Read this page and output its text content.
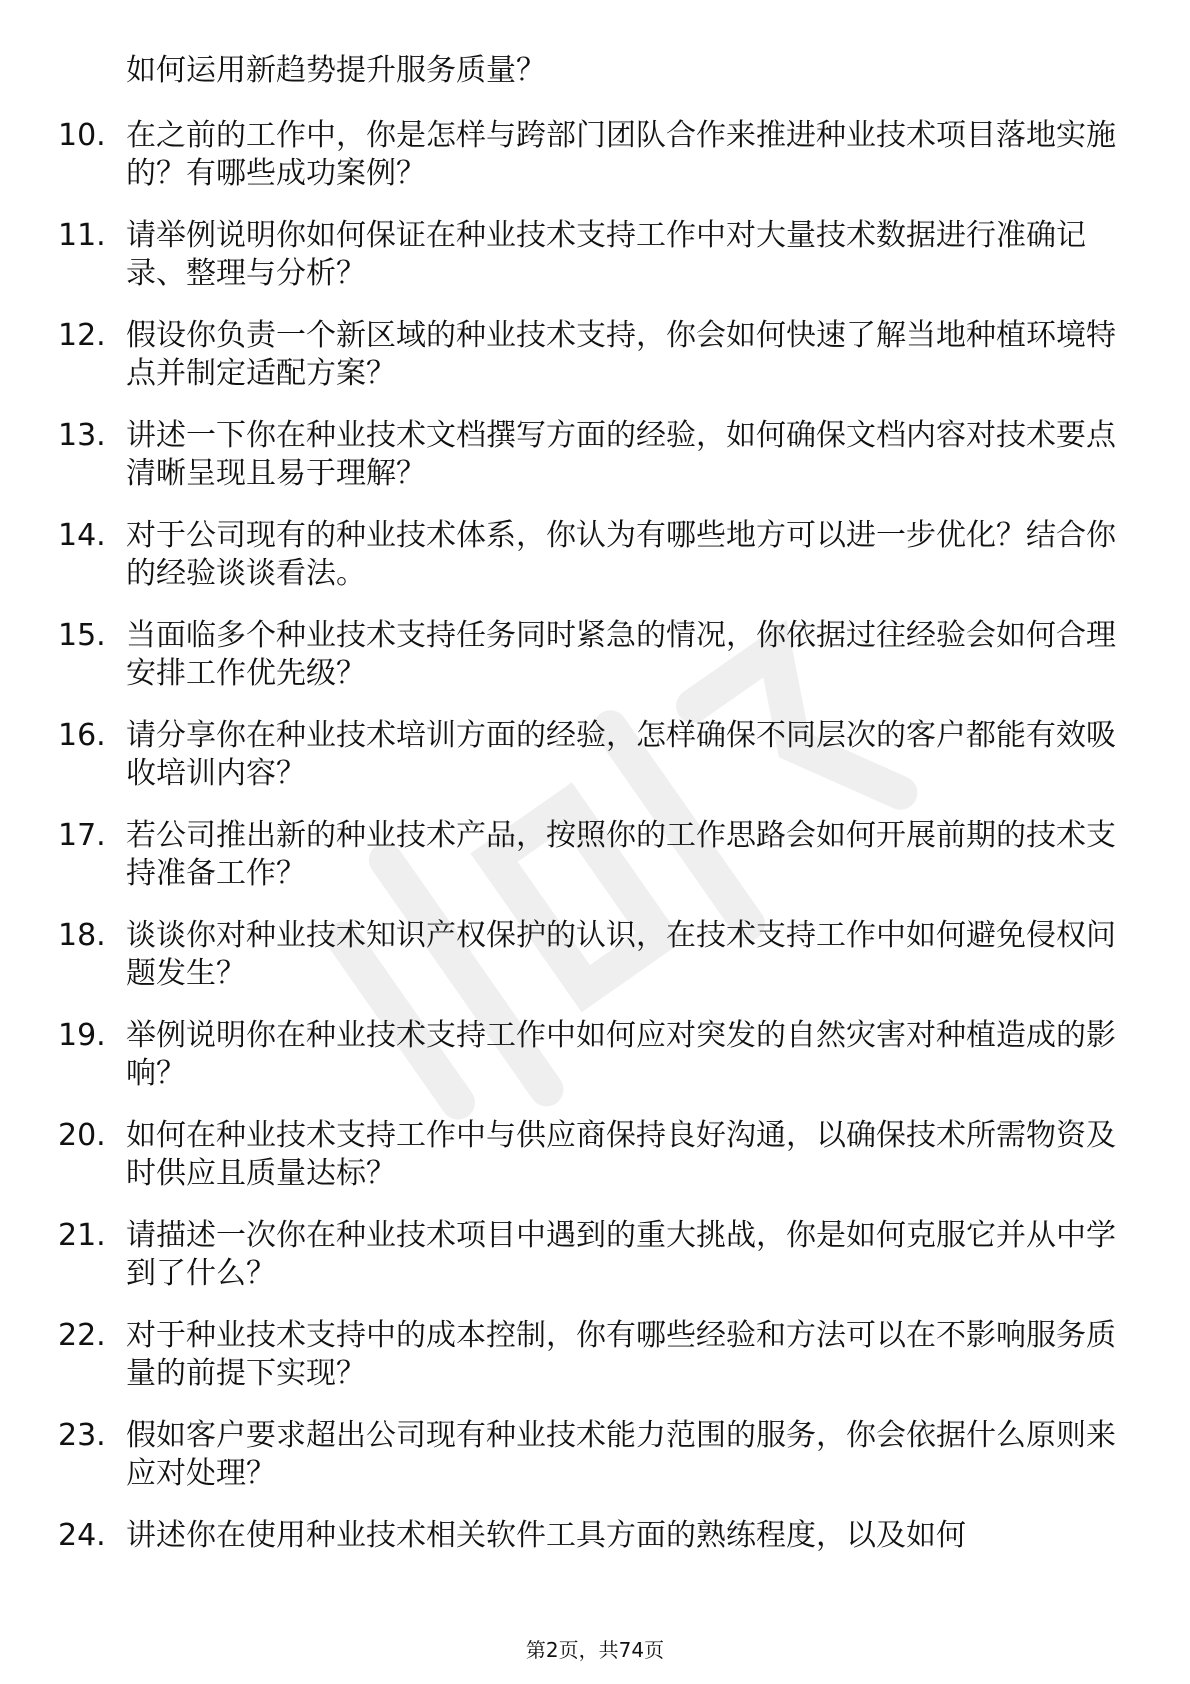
如何运用新趋势提升服务质量？
10. 在之前的工作中，你是怎样与跨部门团队合作来推进种业技术项目落地实施的？有哪些成功案例？
11. 请举例说明你如何保证在种业技术支持工作中对大量技术数据进行准确记录、整理与分析？
12. 假设你负责一个新区域的种业技术支持，你会如何快速了解当地种植环境特点并制定适配方案？
13. 讲述一下你在种业技术文档撰写方面的经验，如何确保文档内容对技术要点清晰呈现且易于理解？
14. 对于公司现有的种业技术体系，你认为有哪些地方可以进一步优化？结合你的经验谈谈看法。
15. 当面临多个种业技术支持任务同时紧急的情况，你依据过往经验会如何合理安排工作优先级？
16. 请分享你在种业技术培训方面的经验，怎样确保不同层次的客户都能有效吸收培训内容？
17. 若公司推出新的种业技术产品，按照你的工作思路会如何开展前期的技术支持准备工作？
18. 谈谈你对种业技术知识产权保护的认识，在技术支持工作中如何避免侵权问题发生？
19. 举例说明你在种业技术支持工作中如何应对突发的自然灾害对种植造成的影响？
20. 如何在种业技术支持工作中与供应商保持良好沟通，以确保技术所需物资及时供应且质量达标？
21. 请描述一次你在种业技术项目中遇到的重大挑战，你是如何克服它并从中学到了什么？
22. 对于种业技术支持中的成本控制，你有哪些经验和方法可以在不影响服务质量的前提下实现？
23. 假如客户要求超出公司现有种业技术能力范围的服务，你会依据什么原则来应对处理？
24. 讲述你在使用种业技术相关软件工具方面的熟练程度，以及如何
第2页，共74页
